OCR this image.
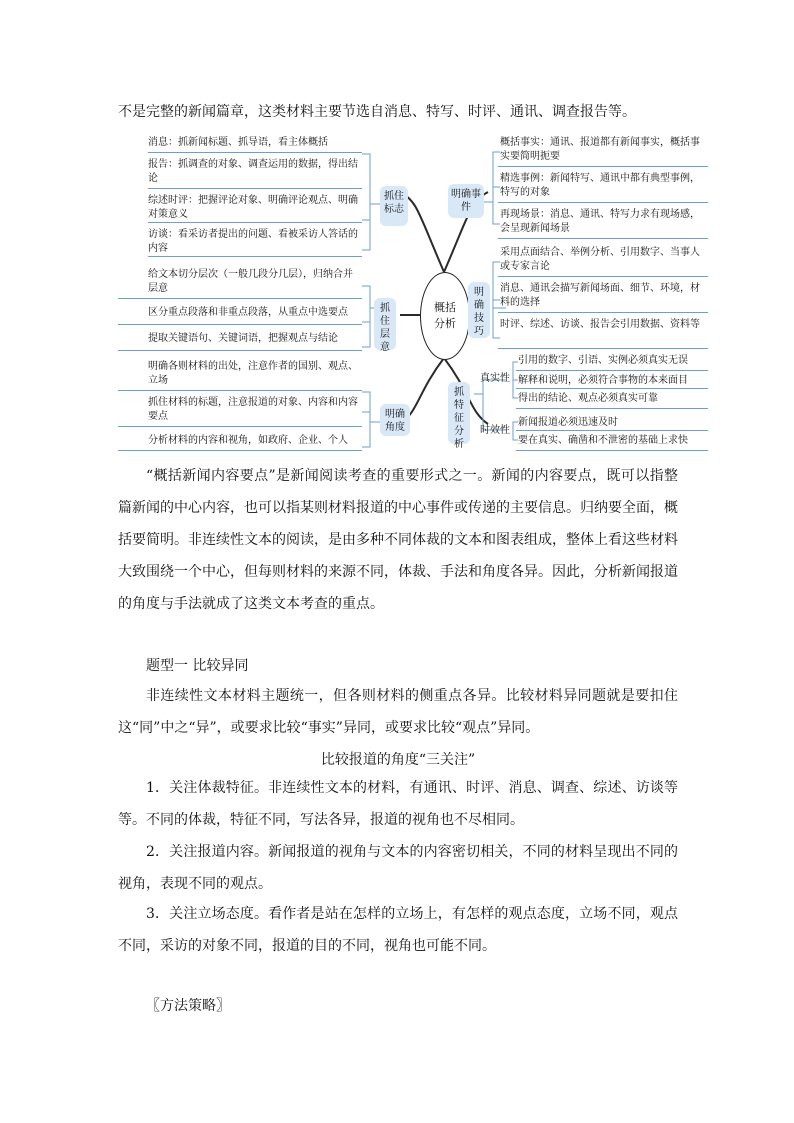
不是完整的新闻篇章，这类材料主要节选自消息、特写、时评、通讯、调查报告等。
概括分析
抓住标志
抓住层意
明确角度
明确事件
明确技巧
抓特征分析
消息：抓新闻标题、抓导语，看主体概括
报告：抓调查的对象、调查运用的数据，得出结论
综述时评：把握评论对象、明确评论观点、明确对策意义
访谈：看采访者提出的问题、看被采访人答话的内容
给文本切分层次（一般几段分几层），归纳合并层意
区分重点段落和非重点段落，从重点中选要点
提取关键语句、关键词语，把握观点与结论
明确各则材料的出处，注意作者的国别、观点、立场
抓住材料的标题，注意报道的对象、内容和内容要点
分析材料的内容和视角，如政府、企业、个人
概括事实：通讯、报道都有新闻事实，概括事实要简明扼要
精选事例：新闻特写、通讯中都有典型事例，特写的对象
再现场景：消息、通讯、特写力求有现场感，会呈现新闻场景
采用点面结合、举例分析、引用数字、当事人或专家言论
消息、通讯会描写新闻场面、细节、环境，材料的选择
时评、综述、访谈、报告会引用数据、资料等
真实性
引用的数字、引语、实例必须真实无误
解释和说明，必须符合事物的本来面目
得出的结论、观点必须真实可靠
时效性
新闻报道必须迅速及时
要在真实、确凿和不泄密的基础上求快
“概括新闻内容要点”是新闻阅读考查的重要形式之一。新闻的内容要点，既可以指整篇新闻的中心内容，也可以指某则材料报道的中心事件或传递的主要信息。归纳要全面，概括要简明。非连续性文本的阅读，是由多种不同体裁的文本和图表组成，整体上看这些材料大致围绕一个中心，但每则材料的来源不同，体裁、手法和角度各异。因此，分析新闻报道的角度与手法就成了这类文本考查的重点。
题型一 比较异同
非连续性文本材料主题统一，但各则材料的侧重点各异。比较材料异同题就是要扣住这“同”中之“异”，或要求比较“事实”异同，或要求比较“观点”异同。
比较报道的角度“三关注”
1．关注体裁特征。非连续性文本的材料，有通讯、时评、消息、调查、综述、访谈等等。不同的体裁，特征不同，写法各异，报道的视角也不尽相同。
2．关注报道内容。新闻报道的视角与文本的内容密切相关，不同的材料呈现出不同的视角，表现不同的观点。
3．关注立场态度。看作者是站在怎样的立场上，有怎样的观点态度，立场不同，观点不同，采访的对象不同，报道的目的不同，视角也可能不同。
〖方法策略〗
